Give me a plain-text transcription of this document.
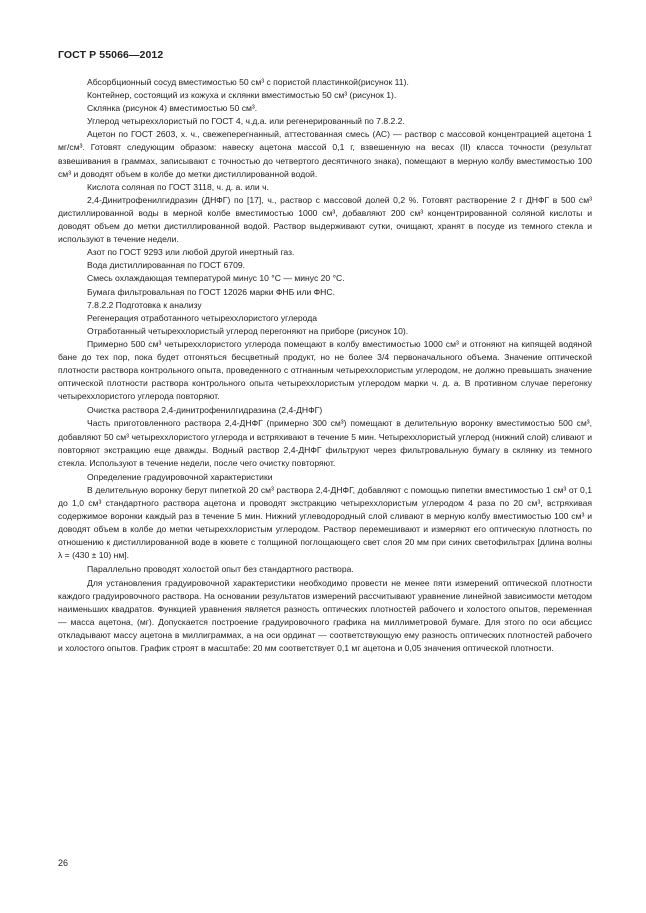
ГОСТ Р 55066—2012

Абсорбционный сосуд вместимостью 50 см³ с пористой пластинкой(рисунок 11).

Контейнер, состоящий из кожуха и склянки вместимостью 50 см³ (рисунок 1).

Склянка (рисунок 4) вместимостью 50 см³.

Углерод четыреххлористый по ГОСТ 4, ч.д.а. или регенерированный по 7.8.2.2.

Ацетон по ГОСТ 2603, х. ч., свежеперегнанный, аттестованная смесь (АС) — раствор с массовой концентрацией ацетона 1 мг/см³. Готовят следующим образом: навеску ацетона массой 0,1 г, взвешенную на весах (II) класса точности (результат взвешивания в граммах, записывают с точностью до четвертого десятичного знака), помещают в мерную колбу вместимостью 100 см³ и доводят объем в колбе до метки дистиллированной водой.

Кислота соляная по ГОСТ 3118, ч. д. а. или ч.

2,4-Динитрофенилгидразин (ДНФГ) по [17], ч., раствор с массовой долей 0,2 %. Готовят растворение 2 г ДНФГ в 500 см³ дистиллированной воды в мерной колбе вместимостью 1000 см³, добавляют 200 см³ концентрированной соляной кислоты и доводят объем до метки дистиллированной водой. Раствор выдерживают сутки, очищают, хранят в посуде из темного стекла и используют в течение недели.

Азот по ГОСТ 9293 или любой другой инертный газ.

Вода дистиллированная по ГОСТ 6709.

Смесь охлаждающая температурой минус 10 °С — минус 20 °С.

Бумага фильтровальная по ГОСТ 12026 марки ФНБ или ФНС.

7.8.2.2 Подготовка к анализу

Регенерация отработанного четыреххлористого углерода

Отработанный четыреххлористый углерод перегоняют на приборе (рисунок 10).

Примерно 500 см³ четыреххлористого углерода помещают в колбу вместимостью 1000 см³ и отгоняют на кипящей водяной бане до тех пор, пока будет отгоняться бесцветный продукт, но не более 3/4 первоначального объема. Значение оптической плотности раствора контрольного опыта, проведенного с отгнанным четыреххлористым углеродом, не должно превышать значение оптической плотности раствора контрольного опыта четыреххлористым углеродом марки ч. д. а. В противном случае перегонку четыреххлористого углерода повторяют.

Очистка раствора 2,4-динитрофенилгидразина (2,4-ДНФГ)

Часть приготовленного раствора 2,4-ДНФГ (примерно 300 см³) помещают в делительную воронку вместимостью 500 см³, добавляют 50 см³ четыреххлористого углерода и встряхивают в течение 5 мин. Четыреххлористый углерод (нижний слой) сливают и повторяют экстракцию еще дважды. Водный раствор 2,4-ДНФГ фильтруют через фильтровальную бумагу в склянку из темного стекла. Используют в течение недели, после чего очистку повторяют.

Определение градуировочной характеристики

В делительную воронку берут пипеткой 20 см³ раствора 2,4-ДНФГ, добавляют с помощью пипетки вместимостью 1 см³ от 0,1 до 1,0 см³ стандартного раствора ацетона и проводят экстракцию четыреххлористым углеродом 4 раза по 20 см³, встряхивая содержимое воронки каждый раз в течение 5 мин. Нижний углеводородный слой сливают в мерную колбу вместимостью 100 см³ и доводят объем в колбе до метки четыреххлористым углеродом. Раствор перемешивают и измеряют его оптическую плотность по отношению к дистиллированной воде в кювете с толщиной поглощающего свет слоя 20 мм при синих светофильтрах [длина волны λ = (430 ± 10) нм].

Параллельно проводят холостой опыт без стандартного раствора.

Для установления градуировочной характеристики необходимо провести не менее пяти измерений оптической плотности каждого градуировочного раствора. На основании результатов измерений рассчитывают уравнение линейной зависимости методом наименьших квадратов. Функцией уравнения является разность оптических плотностей рабочего и холостого опытов, переменная — масса ацетона, (мг). Допускается построение градуировочного графика на миллиметровой бумаге. Для этого по оси абсцисс откладывают массу ацетона в миллиграммах, а на оси ординат — соответствующую ему разность оптических плотностей рабочего и холостого опытов. График строят в масштабе: 20 мм соответствует 0,1 мг ацетона и 0,05 значения оптической плотности.

26
